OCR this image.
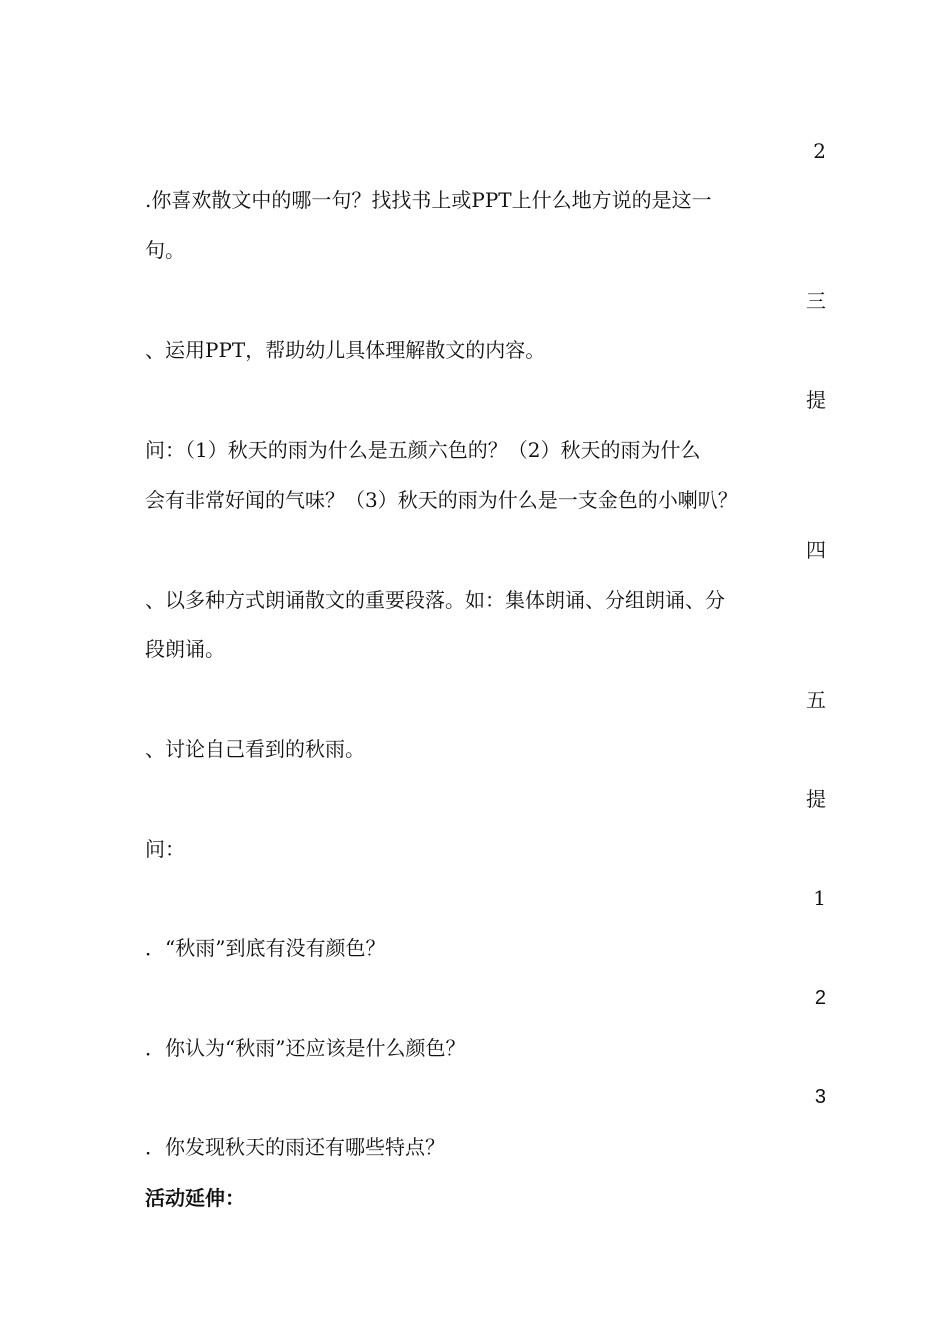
2
.你喜欢散文中的哪一句？找找书上或PPT上什么地方说的是这一
句。
三
、运用PPT，帮助幼儿具体理解散文的内容。
提
问：（1）秋天的雨为什么是五颜六色的？（2）秋天的雨为什么
会有非常好闻的气味？（3）秋天的雨为什么是一支金色的小喇叭？
四
、以多种方式朗诵散文的重要段落。如：集体朗诵、分组朗诵、分
段朗诵。
五
、讨论自己看到的秋雨。
提
问：
1
．“秋雨”到底有没有颜色？
2
．你认为“秋雨”还应该是什么颜色？
3
．你发现秋天的雨还有哪些特点？
活动延伸：
